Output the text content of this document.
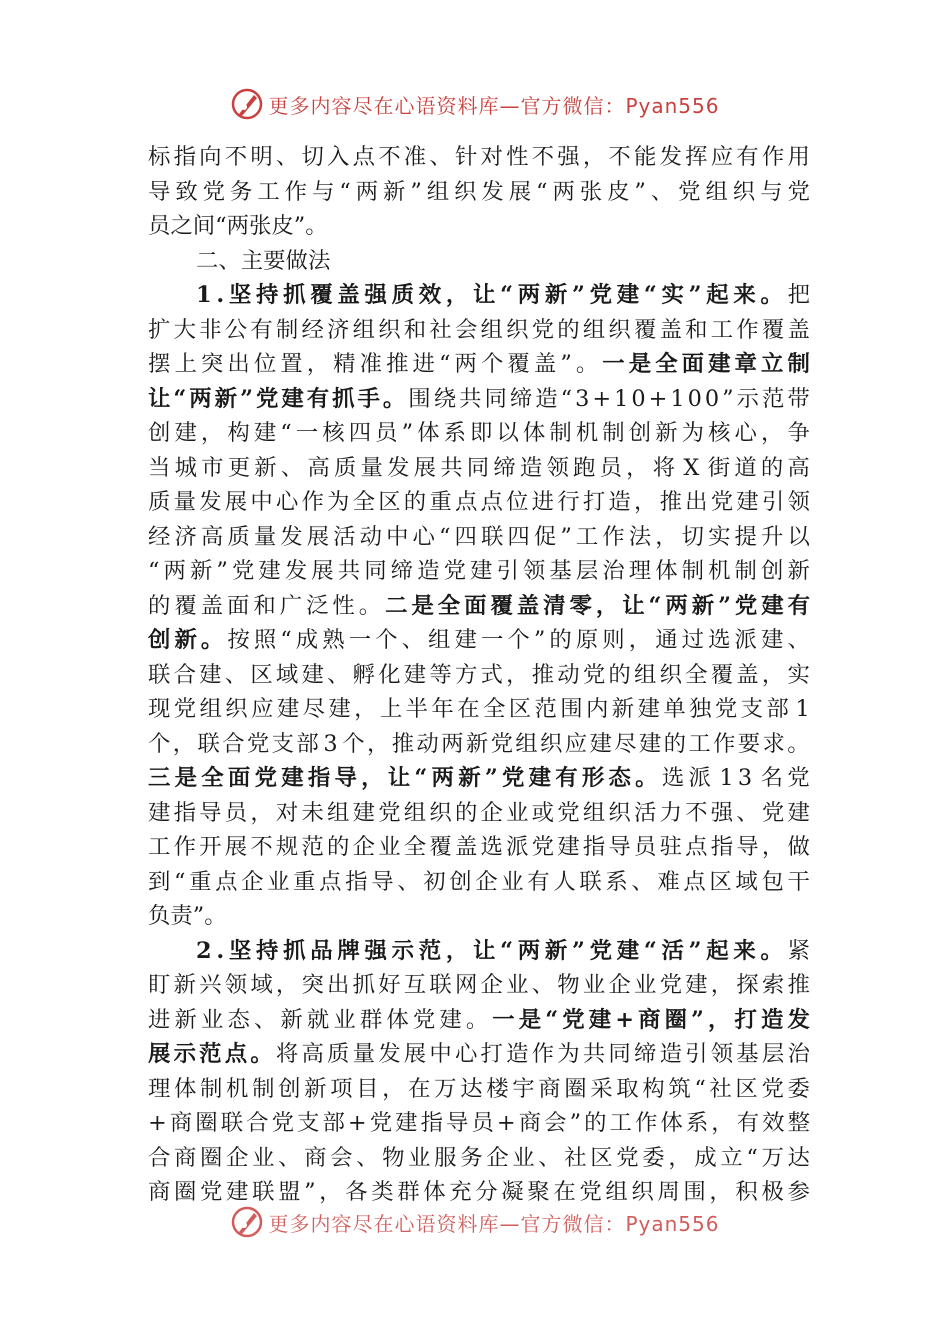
更多内容尽在心语资料库—官方微信：Pyan556
标 指 向 不 明 、 切 入 点 不 准 、 针 对 性 不 强 ， 不 能 发 挥 应 有 作 用
导 致 党 务 工 作 与 “ 两 新 ” 组 织 发 展 “ 两 张 皮 ” 、 党 组 织 与 党
员之间“两张皮”。
二、主要做法
1 . 坚 持 抓 覆 盖 强 质 效 ， 让 “ 两 新 ” 党 建 “ 实 ” 起 来 。 把
扩 大 非 公 有 制 经 济 组 织 和 社 会 组 织 党 的 组 织 覆 盖 和 工 作 覆 盖
摆 上 突 出 位 置 ， 精 准 推 进 “ 两 个 覆 盖 ” 。 一 是 全 面 建 章 立 制
让 “ 两 新 ” 党 建 有 抓 手 。 围 绕 共 同 缔 造 “ 3 + 1 0 + 1 0 0 ” 示 范 带
创 建 ， 构 建 “ 一 核 四 员 ” 体 系 即 以 体 制 机 制 创 新 为 核 心 ， 争
当 城 市 更 新 、 高 质 量 发 展 共 同 缔 造 领 跑 员 ， 将 X 街 道 的 高
质 量 发 展 中 心 作 为 全 区 的 重 点 点 位 进 行 打 造 ， 推 出 党 建 引 领
经 济 高 质 量 发 展 活 动 中 心 “ 四 联 四 促 ” 工 作 法 ， 切 实 提 升 以
“ 两 新 ” 党 建 发 展 共 同 缔 造 党 建 引 领 基 层 治 理 体 制 机 制 创 新
的 覆 盖 面 和 广 泛 性 。 二 是 全 面 覆 盖 清 零 ， 让 “ 两 新 ” 党 建 有
创 新 。 按 照 “ 成 熟 一 个 、 组 建 一 个 ” 的 原 则 ， 通 过 选 派 建 、
联 合 建 、 区 域 建 、 孵 化 建 等 方 式 ， 推 动 党 的 组 织 全 覆 盖 ， 实
现 党 组 织 应 建 尽 建 ， 上 半 年 在 全 区 范 围 内 新 建 单 独 党 支 部 1
个 ， 联 合 党 支 部 3 个 ， 推 动 两 新 党 组 织 应 建 尽 建 的 工 作 要 求 。
三 是 全 面 党 建 指 导 ， 让 “ 两 新 ” 党 建 有 形 态 。 选 派 1 3 名 党
建 指 导 员 ， 对 未 组 建 党 组 织 的 企 业 或 党 组 织 活 力 不 强 、 党 建
工 作 开 展 不 规 范 的 企 业 全 覆 盖 选 派 党 建 指 导 员 驻 点 指 导 ， 做
到 “ 重 点 企 业 重 点 指 导 、 初 创 企 业 有 人 联 系 、 难 点 区 域 包 干
负责”。
2 . 坚 持 抓 品 牌 强 示 范 ， 让 “ 两 新 ” 党 建 “ 活 ” 起 来 。 紧
盯 新 兴 领 域 ， 突 出 抓 好 互 联 网 企 业 、 物 业 企 业 党 建 ， 探 索 推
进 新 业 态 、 新 就 业 群 体 党 建 。 一 是 “ 党 建 + 商 圈 ” ， 打 造 发
展 示 范 点 。 将 高 质 量 发 展 中 心 打 造 作 为 共 同 缔 造 引 领 基 层 治
理 体 制 机 制 创 新 项 目 ， 在 万 达 楼 宇 商 圈 采 取 构 筑 “ 社 区 党 委
+ 商 圈 联 合 党 支 部 + 党 建 指 导 员 + 商 会 ” 的 工 作 体 系 ， 有 效 整
合 商 圈 企 业 、 商 会 、 物 业 服 务 企 业 、 社 区 党 委 ， 成 立 “ 万 达
商 圈 党 建 联 盟 ” ， 各 类 群 体 充 分 凝 聚 在 党 组 织 周 围 ， 积 极 参
更多内容尽在心语资料库—官方微信：Pyan556
